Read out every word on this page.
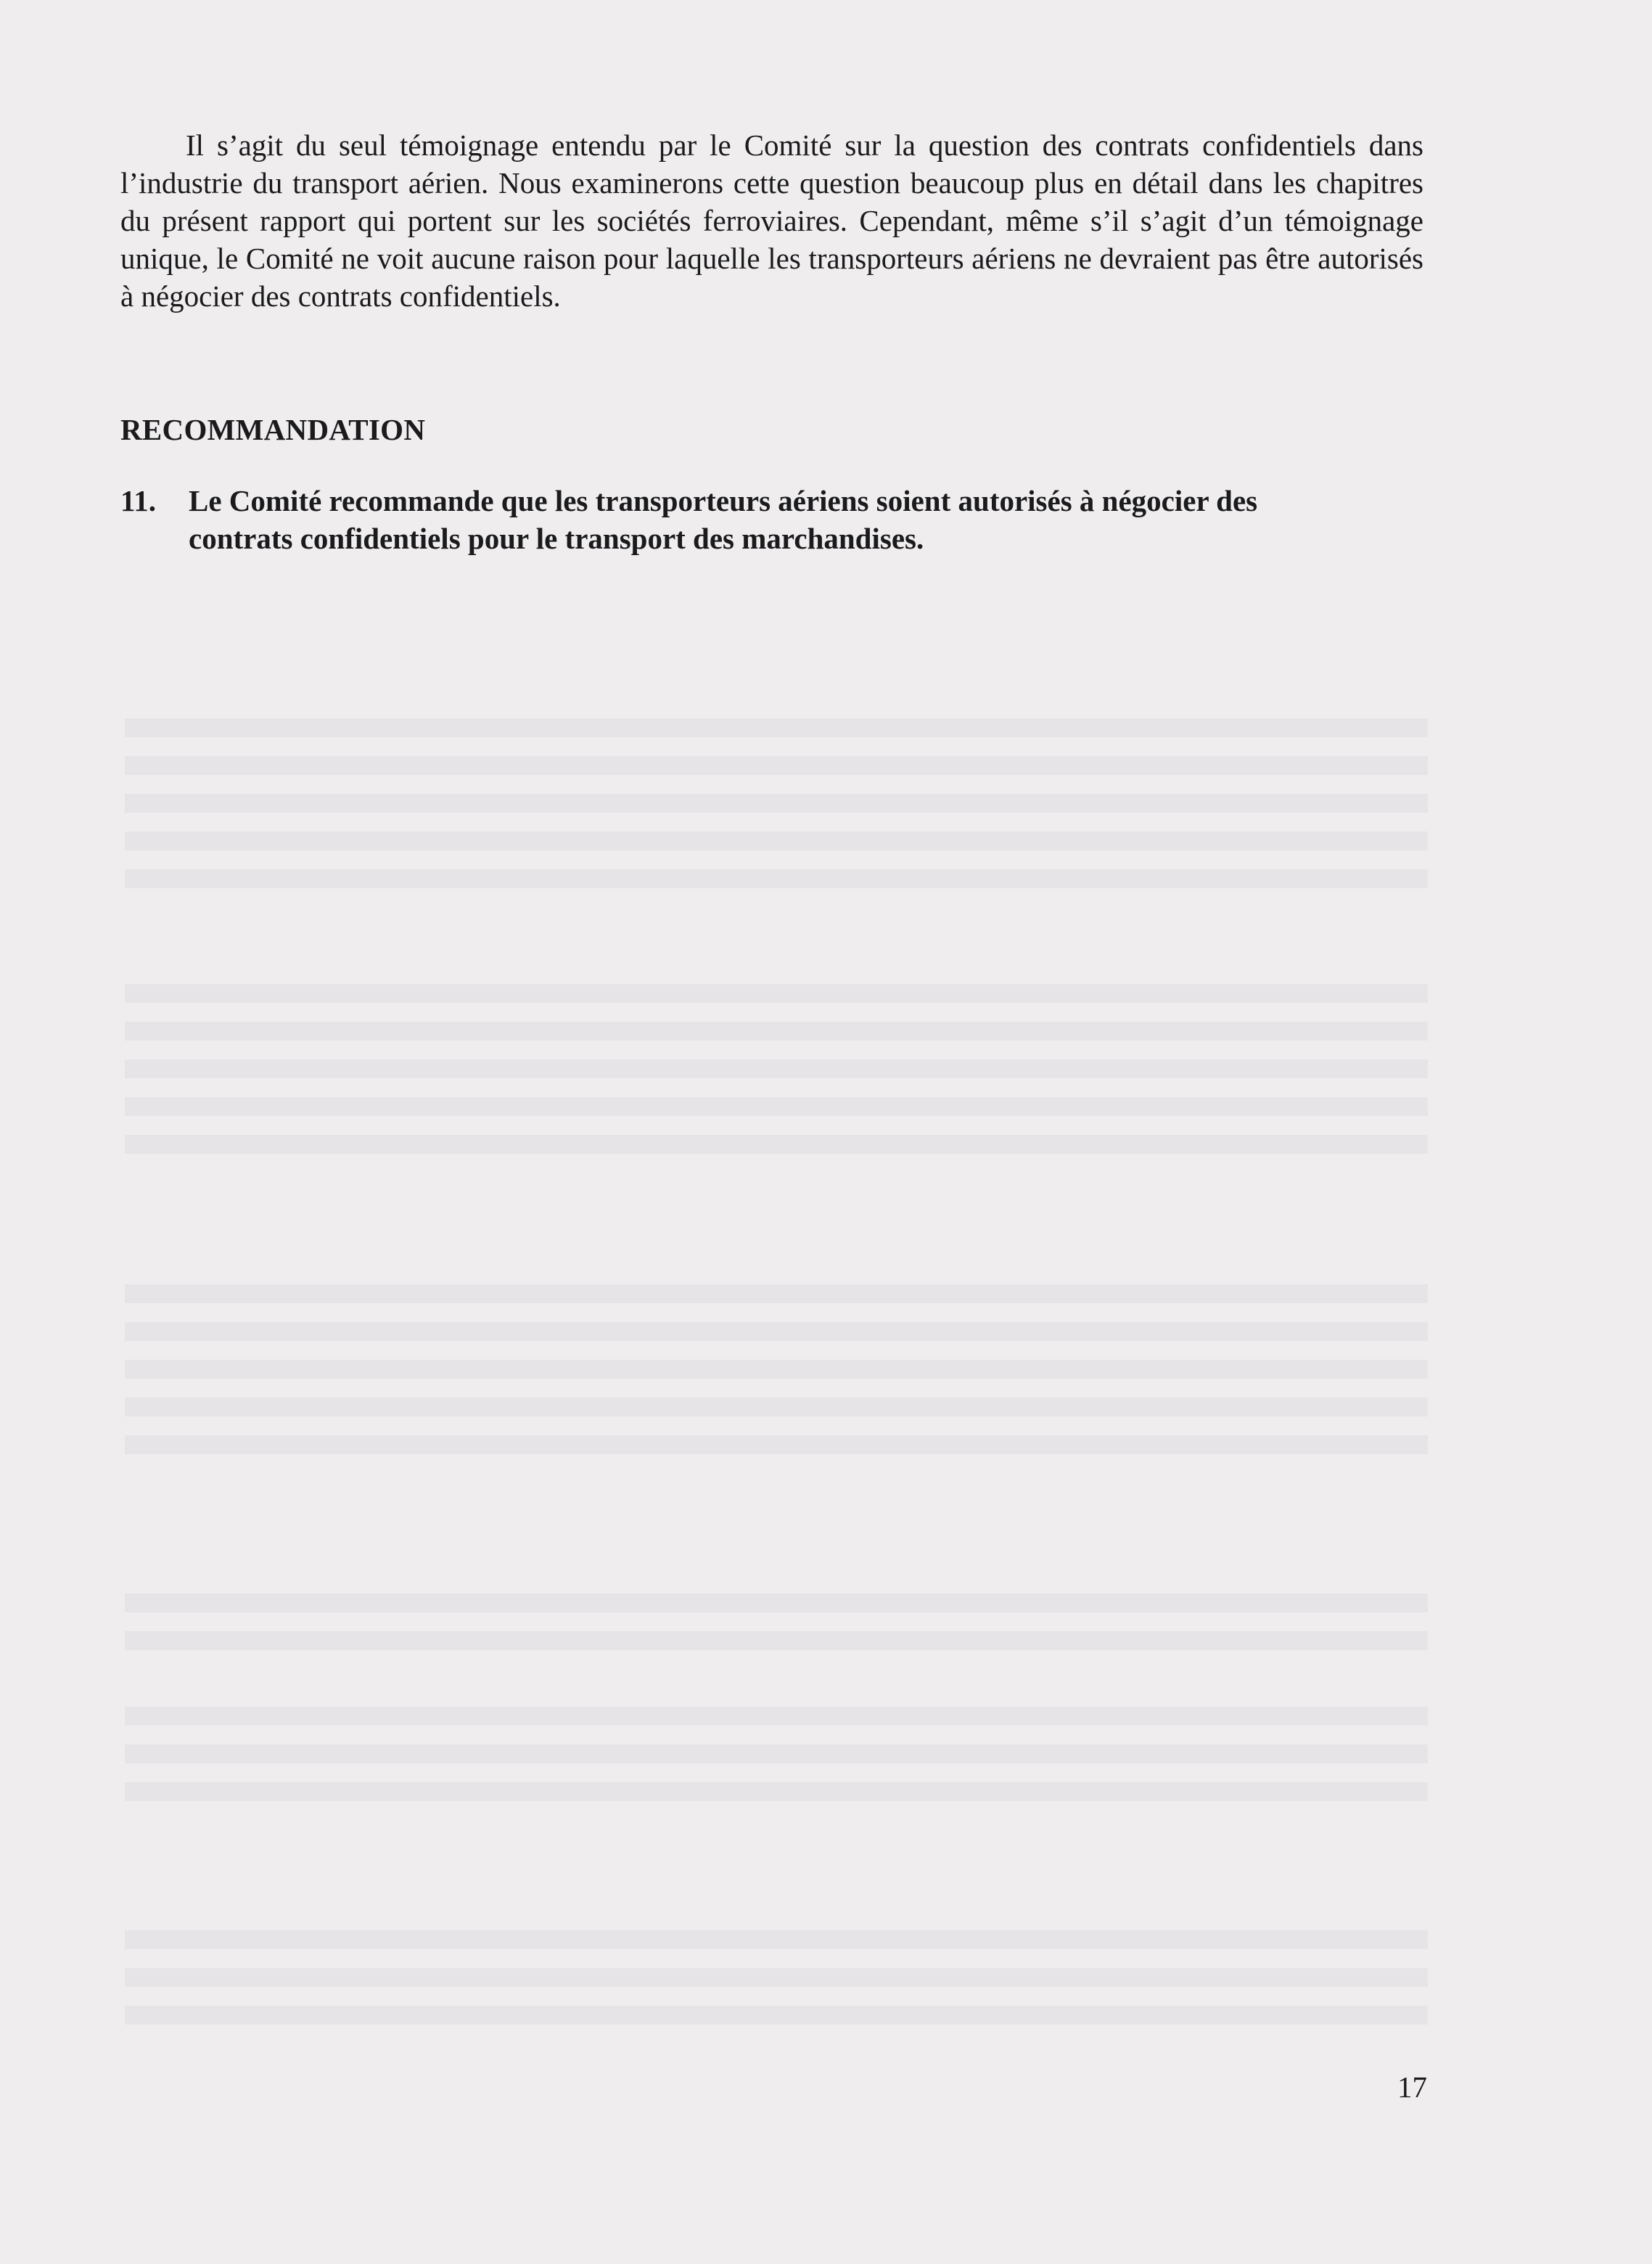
Il s’agit du seul témoignage entendu par le Comité sur la question des contrats confidentiels dans l’industrie du transport aérien. Nous examinerons cette question beaucoup plus en détail dans les chapitres du présent rapport qui portent sur les sociétés ferroviaires. Cependant, même s’il s’agit d’un témoignage unique, le Comité ne voit aucune raison pour laquelle les transporteurs aériens ne devraient pas être autorisés à négocier des contrats confidentiels.

RECOMMANDATION

11. Le Comité recommande que les transporteurs aériens soient autorisés à négocier des
contrats confidentiels pour le transport des marchandises.

17
